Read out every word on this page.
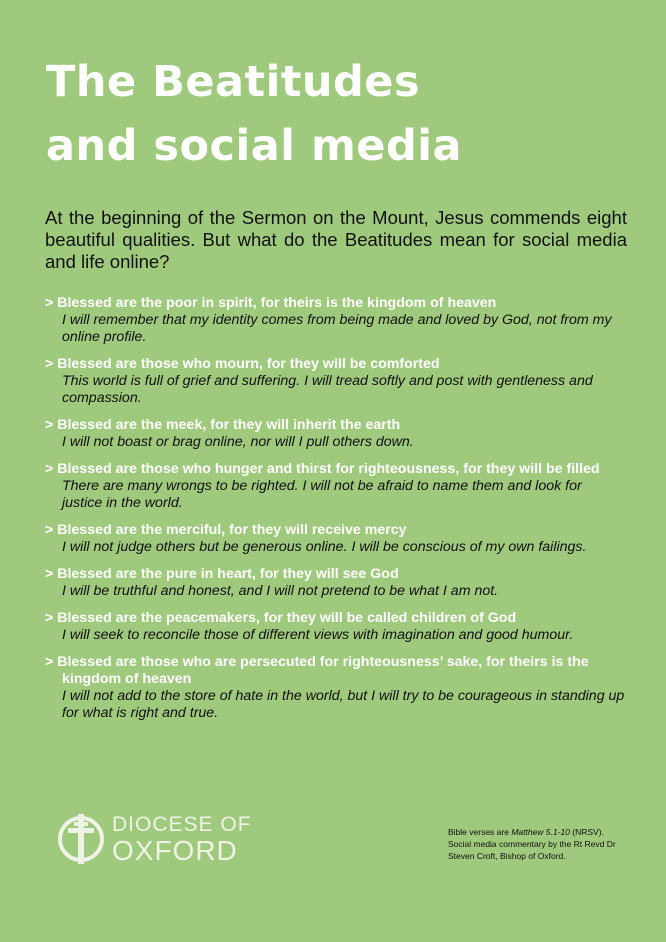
The Beatitudes
and social media
At the beginning of the Sermon on the Mount, Jesus commends eight beautiful qualities. But what do the Beatitudes mean for social media and life online?
> Blessed are the poor in spirit, for theirs is the kingdom of heaven
I will remember that my identity comes from being made and loved by God, not from my online profile.
> Blessed are those who mourn, for they will be comforted
This world is full of grief and suffering. I will tread softly and post with gentleness and compassion.
> Blessed are the meek, for they will inherit the earth
I will not boast or brag online, nor will I pull others down.
> Blessed are those who hunger and thirst for righteousness, for they will be filled
There are many wrongs to be righted. I will not be afraid to name them and look for justice in the world.
> Blessed are the merciful, for they will receive mercy
I will not judge others but be generous online. I will be conscious of my own failings.
> Blessed are the pure in heart, for they will see God
I will be truthful and honest, and I will not pretend to be what I am not.
> Blessed are the peacemakers, for they will be called children of God
I will seek to reconcile those of different views with imagination and good humour.
> Blessed are those who are persecuted for righteousness’ sake, for theirs is the kingdom of heaven
I will not add to the store of hate in the world, but I will try to be courageous in standing up for what is right and true.
DIOCESE OF
OXFORD
Bible verses are Matthew 5.1-10 (NRSV). Social media commentary by the Rt Revd Dr Steven Croft, Bishop of Oxford.
